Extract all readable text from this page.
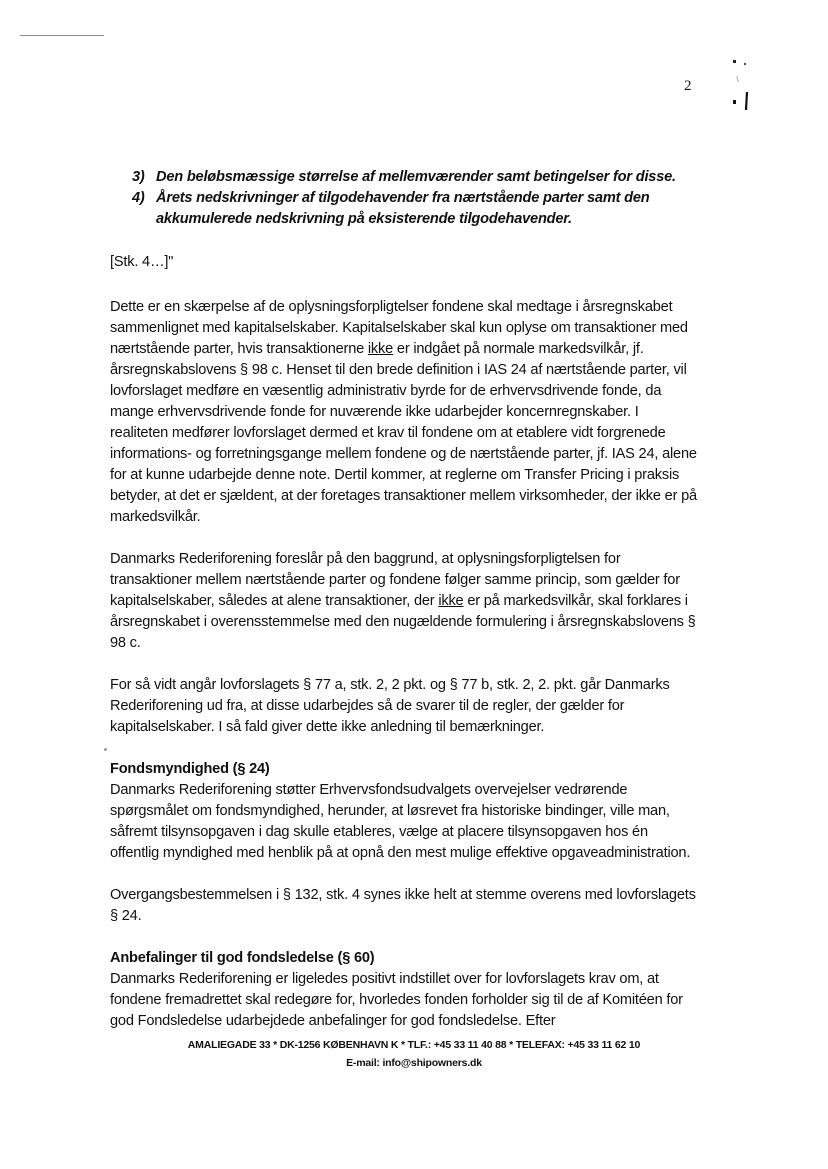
2
3) Den beløbsmæssige størrelse af mellemværender samt betingelser for disse.
4) Årets nedskrivninger af tilgodehavender fra nærtstående parter samt den akkumulerede nedskrivning på eksisterende tilgodehavender.
[Stk. 4…]"

Dette er en skærpelse af de oplysningsforpligtelser fondene skal medtage i årsregnskabet sammenlignet med kapitalselskaber. Kapitalselskaber skal kun oplyse om transaktioner med nærtstående parter, hvis transaktionerne ikke er indgået på normale markedsvilkår, jf. årsregnskabslovens § 98 c. Henset til den brede definition i IAS 24 af nærtstående parter, vil lovforslaget medføre en væsentlig administrativ byrde for de erhvervsdrivende fonde, da mange erhvervsdrivende fonde for nuværende ikke udarbejder koncernregnskaber. I realiteten medfører lovforslaget dermed et krav til fondene om at etablere vidt forgrenede informations- og forretningsgange mellem fondene og de nærtstående parter, jf. IAS 24, alene for at kunne udarbejde denne note. Dertil kommer, at reglerne om Transfer Pricing i praksis betyder, at det er sjældent, at der foretages transaktioner mellem virksomheder, der ikke er på markedsvilkår.

Danmarks Rederiforening foreslår på den baggrund, at oplysningsforpligtelsen for transaktioner mellem nærtstående parter og fondene følger samme princip, som gælder for kapitalselskaber, således at alene transaktioner, der ikke er på markedsvilkår, skal forklares i årsregnskabet i overensstemmelse med den nugældende formulering i årsregnskabslovens § 98 c.

For så vidt angår lovforslagets § 77 a, stk. 2, 2 pkt. og § 77 b, stk. 2, 2. pkt. går Danmarks Rederiforening ud fra, at disse udarbejdes så de svarer til de regler, der gælder for kapitalselskaber. I så fald giver dette ikke anledning til bemærkninger.

Fondsmyndighed (§ 24)

Danmarks Rederiforening støtter Erhvervsfondsudvalgets overvejelser vedrørende spørgsmålet om fondsmyndighed, herunder, at løsrevet fra historiske bindinger, ville man, såfremt tilsynsopgaven i dag skulle etableres, vælge at placere tilsynsopgaven hos én offentlig myndighed med henblik på at opnå den mest mulige effektive opgaveadministration.

Overgangsbestemmelsen i § 132, stk. 4 synes ikke helt at stemme overens med lovforslagets § 24.

Anbefalinger til god fondsledelse (§ 60)

Danmarks Rederiforening er ligeledes positivt indstillet over for lovforslagets krav om, at fondene fremadrettet skal redegøre for, hvorledes fonden forholder sig til de af Komitéen for god Fondsledelse udarbejdede anbefalinger for god fondsledelse. Efter

AMALIEGADE 33 * DK-1256 KØBENHAVN K * TLF.: +45 33 11 40 88 * TELEFAX: +45 33 11 62 10
E-mail: info@shipowners.dk
